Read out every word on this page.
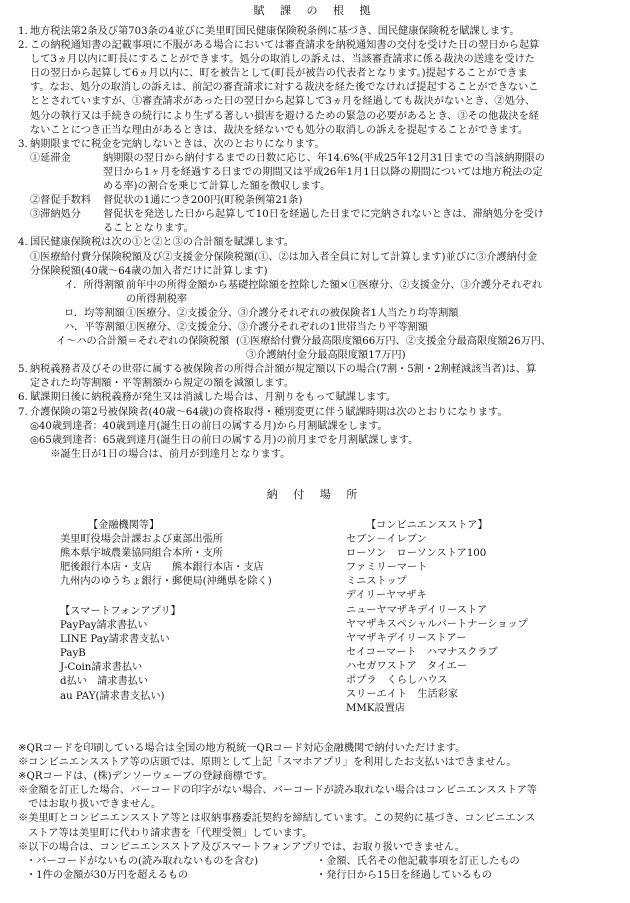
賦 課 の 根 拠
1. 地方税法第2条及び第703条の4並びに美里町国民健康保険税条例に基づき、国民健康保険税を賦課します。
2. この納税通知書の記載事項に不服がある場合においては審査請求を納税通知書の交付を受けた日の翌日から起算
して3ヵ月以内に町長にすることができます。処分の取消しの訴えは、当該審査請求に係る裁決の送達を受けた
日の翌日から起算して6ヵ月以内に、町を被告として(町長が被告の代表者となります。)提起することができま
す。なお、処分の取消しの訴えは、前記の審査請求に対する裁決を経た後でなければ提起することができないこ
ととされていますが、①審査請求があった日の翌日から起算して3ヵ月を経過しても裁決がないとき、②処分、
処分の執行又は手続きの続行により生ずる著しい損害を避けるための緊急の必要があるとき、③その他裁決を経
ないことにつき正当な理由があるときは、裁決を経ないでも処分の取消しの訴えを提起することができます。
3. 納期限までに税金を完納しないときは、次のとおりになります。
①延滞金	納期限の翌日から納付するまでの日数に応じ、年14.6%(平成25年12月31日までの当該納期限の
翌日から1ヶ月を経過する日までの期間又は平成26年1月1日以降の期間については地方税法の定
める率)の割合を乗じて計算した額を徴収します。
②督促手数料	督促状の1通につき200円(町税条例第21条)
③滞納処分	督促状を発送した日から起算して10日を経過した日までに完納されないときは、滞納処分を受け
ることとなります。
4. 国民健康保険税は次の①と②と③の合計額を賦課します。
①医療給付費分保険税額及び②支援金分保険税額(①、②は加入者全員に対して計算します)並びに③介護納付金
分保険税額(40歳～64歳の加入者だけに計算します)
イ．所得割額 前年中の所得金額から基礎控除額を控除した額×①医療分、②支援金分、③介護分それぞれ
の所得割税率
ロ．均等割額 ①医療分、②支援金分、③介護分それぞれの被保険者1人当たり均等割額
ハ．平等割額 ①医療分、②支援金分、③介護分それぞれの1世帯当たり平等割額
イ～ハの合計額＝それぞれの保険税額 (①医療給付費分最高限度額66万円、②支援金分最高限度額26万円、
③介護納付金分最高限度額17万円)
5. 納税義務者及びその世帯に属する被保険者の所得合計額が規定額以下の場合(7割・5割・2割軽減該当者)は、算
定された均等割額・平等割額から規定の額を減額します。
6. 賦課期日後に納税義務が発生又は消滅した場合は、月割りをもって賦課します。
7. 介護保険の第2号被保険者(40歳～64歳)の資格取得・種別変更に伴う賦課時期は次のとおりになります。
◎40歳到達者：40歳到達月(誕生日の前日の属する月)から月割賦課をします。
◎65歳到達者：65歳到達月(誕生日の前日の属する月)の前月までを月割賦課します。
　　※誕生日が1日の場合は、前月が到達月となります。
納 付 場 所
【金融機関等】
美里町役場会計課および東部出張所
熊本県宇城農業協同組合本所・支所
肥後銀行本店・支店　　熊本銀行本店・支店
九州内のゆうちょ銀行・郵便局(沖縄県を除く)
【スマートフォンアプリ】
PayPay請求書払い
LINE Pay請求書支払い
PayB
J-Coin請求書払い
d払い　請求書払い
au PAY(請求書支払い)
【コンビニエンスストア】
セブン－イレブン
ローソン　ローソンストア100
ファミリーマート
ミニストップ
デイリーヤマザキ
ニューヤマザキデイリーストア
ヤマザキスペシャルパートナーショップ
ヤマザキデイリーストアー
セイコーマート　ハマナスクラブ
ハセガワストア　タイエー
ポプラ　くらしハウス
スリーエイト　生活彩家
MMK設置店
※QRコードを印刷している場合は全国の地方税統一QRコード対応金融機関で納付いただけます。
※コンビニエンスストア等の店頭では、原則として上記「スマホアプリ」を利用したお支払いはできません。
※QRコードは、(株)デンソーウェーブの登録商標です。
※金額を訂正した場合、バーコードの印字がない場合、バーコードが読み取れない場合はコンビニエンスストア等
　ではお取り扱いできません。
※美里町とコンビニエンスストア等とは収納事務委託契約を締結しています。この契約に基づき、コンビニエンス
　ストア等は美里町に代わり請求書を「代理受領」しています。
※以下の場合は、コンビニエンスストア及びスマートフォンアプリでは、お取り扱いできません。
・バーコードがないもの(読み取れないものを含む)
・1件の金額が30万円を超えるもの
・金額、氏名その他記載事項を訂正したもの
・発行日から15日を経過しているもの
